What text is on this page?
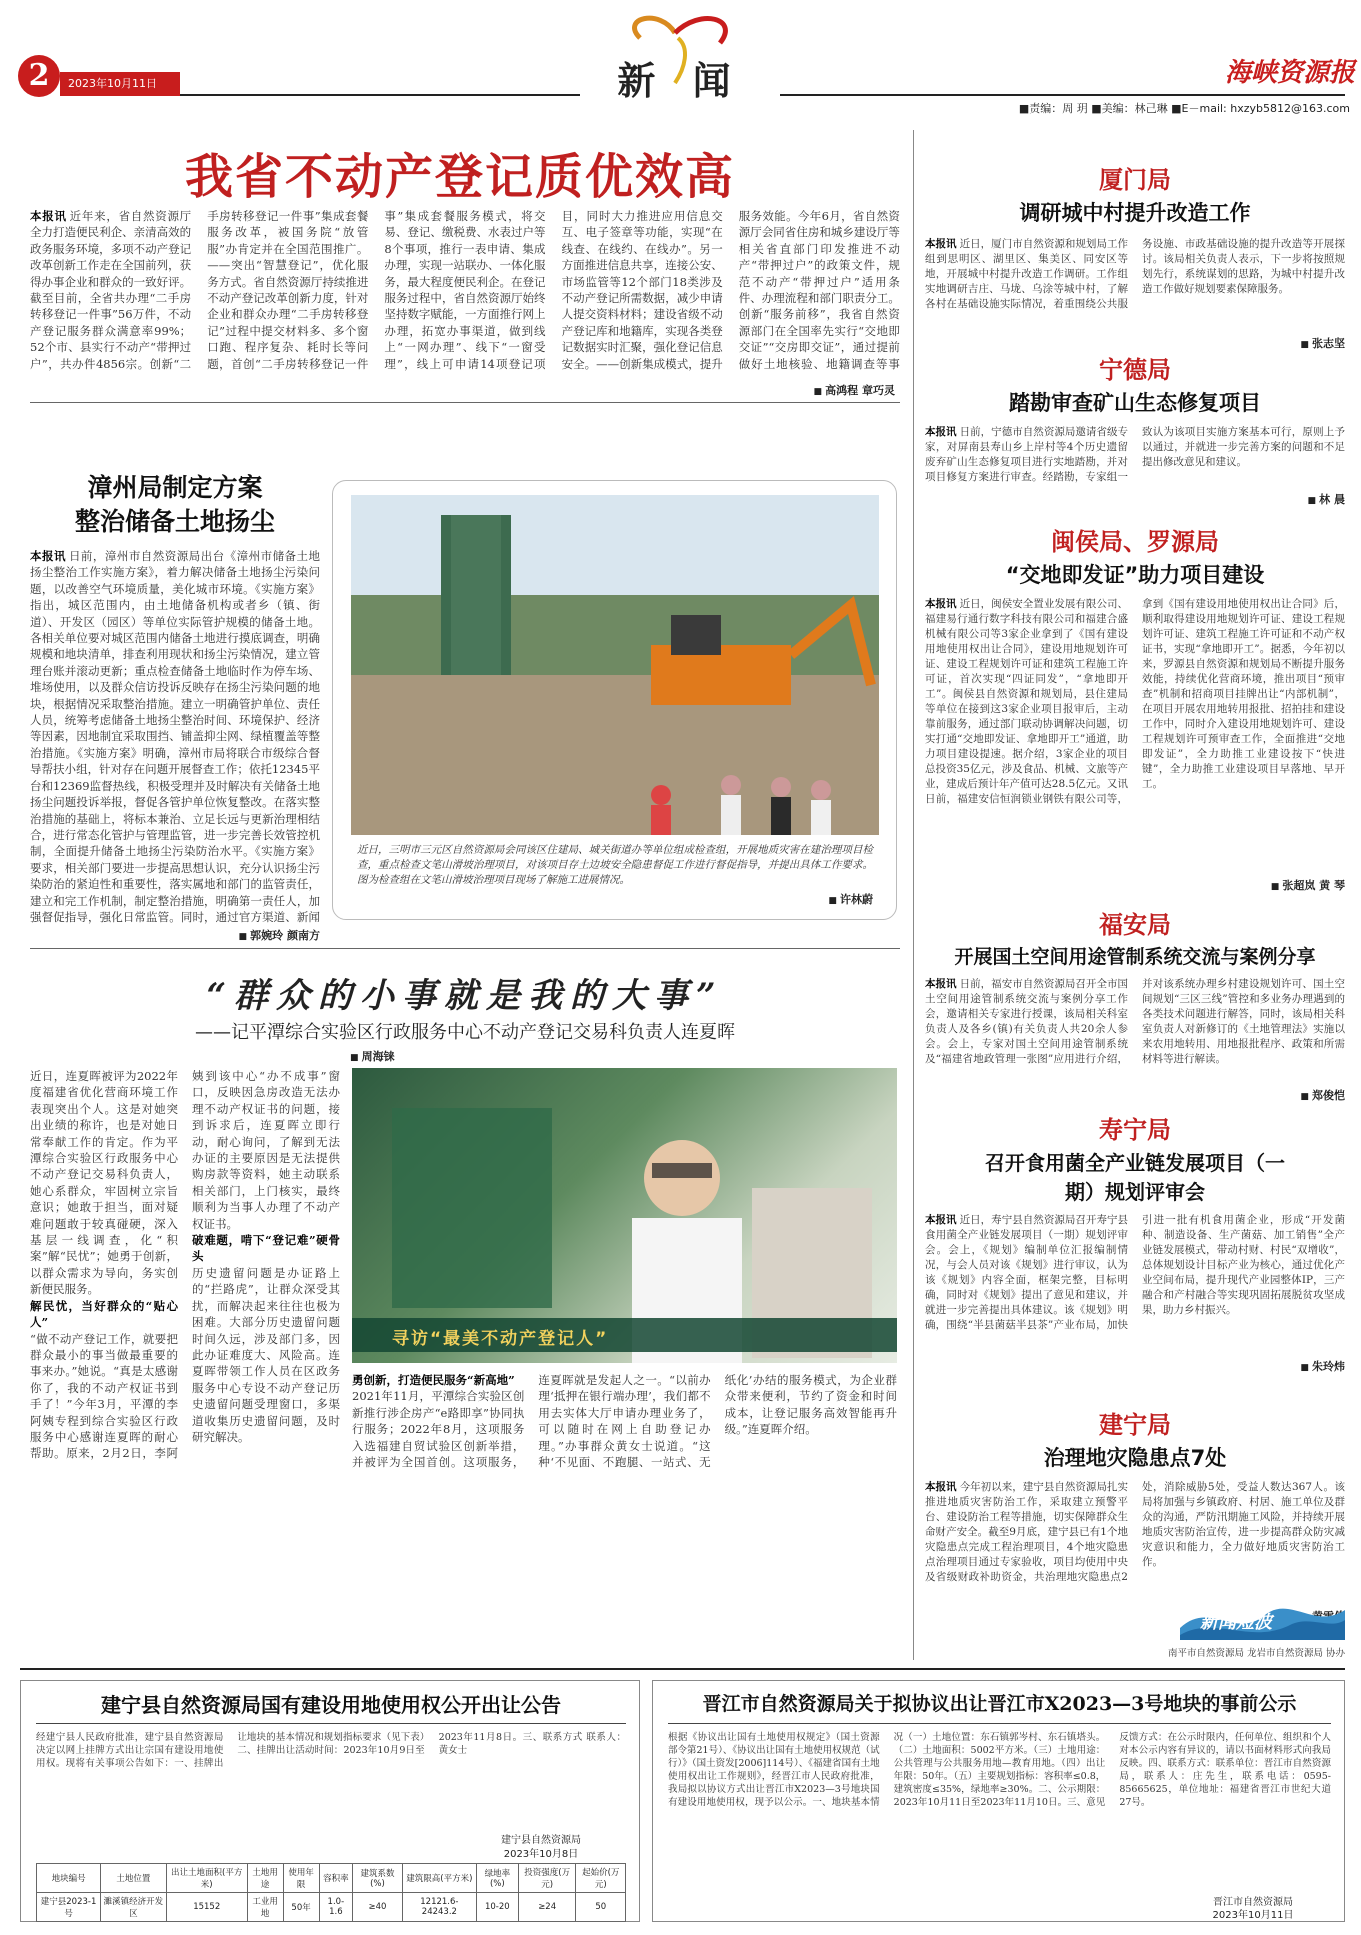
2	2023年10月11日	新 闻	海峡资源报
■责编：周 玥 ■美编：林己琳 ■E－mail: hxzyb5812@163.com
我省不动产登记质优效高
本报讯 近年来，省自然资源厅全力打造便民利企、亲清高效的政务服务环境，多项不动产登记改革创新工作走在全国前列，获得办事企业和群众的一致好评。截至目前，全省共办理“二手房转移登记一件事”56万件，不动产登记服务群众满意率99%；52个市、县实行不动产“带押过户”，共办件4856宗。创新“二手房转移登记一件事”集成套餐服务改革，被国务院“放管服”办肯定并在全国范围推广。——突出“智慧登记”，优化服务方式。省自然资源厅持续推进不动产登记改革创新力度，针对企业和群众办理“二手房转移登记”过程中提交材料多、多个窗口跑、程序复杂、耗时长等问题，首创“二手房转移登记一件事”集成套餐服务模式，将交易、登记、缴税费、水表过户等8个事项，推行一表申请、集成办理，实现一站联办、一体化服务，最大程度便民利企。在登记服务过程中，省自然资源厅始终坚持数字赋能，一方面推行网上办理，拓宽办事渠道，做到线上“一网办理”、线下“一窗受理”，线上可申请14项登记项目，同时大力推进应用信息交互、电子签章等功能，实现“在线查、在线约、在线办”。另一方面推进信息共享，连接公安、市场监管等12个部门18类涉及不动产登记所需数据，减少申请人提交资料材料；建设省级不动产登记库和地籍库，实现各类登记数据实时汇聚，强化登记信息安全。——创新集成模式，提升服务效能。今年6月，省自然资源厅会同省住房和城乡建设厅等相关省直部门印发推进不动产“带押过户”的政策文件，规范不动产“带押过户”适用条件、办理流程和部门职责分工。创新“服务前移”，我省自然资源部门在全国率先实行“交地即交证”“交房即交证”，通过提前做好土地核验、地籍调查等事
■ 高鸿程 章巧灵
漳州局制定方案
整治储备土地扬尘
本报讯 日前，漳州市自然资源局出台《漳州市储备土地扬尘整治工作实施方案》，着力解决储备土地扬尘污染问题，以改善空气环境质量，美化城市环境。《实施方案》指出，城区范围内，由土地储备机构或者乡（镇、街道）、开发区（园区）等单位实际管护规模的储备土地。各相关单位要对城区范围内储备土地进行摸底调查，明确规模和地块清单，排查利用现状和扬尘污染情况，建立管理台账并滚动更新；重点检查储备土地临时作为停车场、堆场使用，以及群众信访投诉反映存在扬尘污染问题的地块，根据情况采取整治措施。建立一明确管护单位、责任人员，统筹考虑储备土地扬尘整治时间、环境保护、经济等因素，因地制宜采取围挡、铺盖抑尘网、绿植覆盖等整治措施。《实施方案》明确，漳州市局将联合市级综合督导帮扶小组，针对存在问题开展督查工作；依托12345平台和12369监督热线，积极受理并及时解决有关储备土地扬尘问题投诉举报，督促各管护单位恢复整改。在落实整治措施的基础上，将标本兼治、立足长远与更新治理相结合，进行常态化管护与管理监管，进一步完善长效管控机制，全面提升储备土地扬尘污染防治水平。《实施方案》要求，相关部门要进一步提高思想认识，充分认识扬尘污染防治的紧迫性和重要性，落实属地和部门的监管责任，建立和完工作机制，制定整治措施，明确第一责任人，加强督促指导，强化日常监管。同时，通过官方渠道、新闻
■ 郭婉玲 颜南方
近日，三明市三元区自然资源局会同该区住建局、城关街道办等单位组成检查组，开展地质灾害在建治理项目检查，重点检查文笔山滑坡治理项目，对该项目存土边坡安全隐患督促工作进行督促指导，并提出具体工作要求。 图为检查组在文笔山滑坡治理项目现场了解施工进展情况。
■ 许林蔚
“群众的小事就是我的大事”
——记平潭综合实验区行政服务中心不动产登记交易科负责人连夏晖
■ 周海铼

近日，连夏晖被评为2022年度福建省优化营商环境工作表现突出个人。这是对她突出业绩的称许，也是对她日常奉献工作的肯定。作为平潭综合实验区行政服务中心不动产登记交易科负责人，她心系群众，牢固树立宗旨意识；她敢于担当，面对疑难问题敢于较真碰硬，深入基层一线调查，化“积案”解“民忧”；她勇于创新，以群众需求为导向，务实创新便民服务。

解民忧，当好群众的“贴心人”

“做不动产登记工作，就要把群众最小的事当做最重要的事来办。”她说。“真是太感谢你了，我的不动产权证书到手了！”今年3月，平潭的李阿姨专程到综合实验区行政服务中心感谢连夏晖的耐心帮助。原来，2月2日，李阿姨到该中心“办不成事”窗口，反映因急房改造无法办理不动产权证书的问题，接到诉求后，连夏晖立即行动，耐心询问，了解到无法办证的主要原因是无法提供购房款等资料，她主动联系相关部门，上门核实，最终顺利为当事人办理了不动产权证书。

破难题，啃下“登记难”硬骨头

历史遗留问题是办证路上的“拦路虎”，让群众深受其扰，而解决起来往往也极为困难。大部分历史遗留问题时间久远，涉及部门多，因此办证难度大、风险高。连夏晖带领工作人员在区政务服务中心专设不动产登记历史遗留问题受理窗口，多渠道收集历史遗留问题，及时研究解决。

寻访“最美不动产登记人”

勇创新，打造便民服务“新高地”

2021年11月，平潭综合实验区创新推行涉企房产“e路即享”协同执行服务；2022年8月，这项服务入选福建自贸试验区创新举措，并被评为全国首创。这项服务，连夏晖就是发起人之一。“以前办理‘抵押在银行端办理’，我们都不用去实体大厅申请办理业务了，可以随时在网上自助登记办理。”办事群众黄女士说道。“这种‘不见面、不跑腿、一站式、无纸化’办结的服务模式，为企业群众带来便利，节约了资金和时间成本，让登记服务高效智能再升级。”连夏晖介绍。

厦门局
调研城中村提升改造工作
本报讯 近日，厦门市自然资源和规划局工作组到思明区、湖里区、集美区、同安区等地，开展城中村提升改造工作调研。工作组实地调研吉庄、马垅、乌涂等城中村，了解各村在基础设施实际情况，着重围绕公共服务设施、市政基础设施的提升改造等开展探讨。该局相关负责人表示，下一步将按照规划先行，系统谋划的思路，为城中村提升改造工作做好规划要素保障服务。
■ 张志坚
宁德局
踏勘审查矿山生态修复项目
本报讯 日前，宁德市自然资源局邀请省级专家，对屏南县寿山乡上岸村等4个历史遗留废弃矿山生态修复项目进行实地踏勘，并对项目修复方案进行审查。经踏勘，专家组一致认为该项目实施方案基本可行，原则上予以通过，并就进一步完善方案的问题和不足提出修改意见和建议。
■ 林 晨
闽侯局、罗源局
“交地即发证”助力项目建设
本报讯 近日，闽侯安全置业发展有限公司、福建易行通行数字科技有限公司和福建合盛机械有限公司等3家企业拿到了《国有建设用地使用权出让合同》，建设用地规划许可证、建设工程规划许可证和建筑工程施工许可证，首次实现“四证同发”，“拿地即开工”。闽侯县自然资源和规划局，县住建局等单位在接到这3家企业项目报审后，主动靠前服务，通过部门联动协调解决问题，切实打通“交地即发证、拿地即开工”通道，助力项目建设提速。据介绍，3家企业的项目总投资35亿元，涉及食品、机械、文旅等产业，建成后预计年产值可达28.5亿元。又讯 日前，福建安信恒润锁业钢铁有限公司等，拿到《国有建设用地使用权出让合同》后，顺利取得建设用地规划许可证、建设工程规划许可证、建筑工程施工许可证和不动产权证书，实现“拿地即开工”。据悉，今年初以来，罗源县自然资源和规划局不断提升服务效能，持续优化营商环境，推出项目“预审查”机制和招商项目挂牌出让“内部机制”，在项目开展农用地转用报批、招拍挂和建设工作中，同时介入建设用地规划许可、建设工程规划许可预审查工作，全面推进“交地即发证”，全力助推工业建设按下“快进键”，全力助推工业建设项目早落地、早开工。
■ 张超岚 黄 琴
福安局
开展国土空间用途管制系统交流与案例分享
本报讯 日前，福安市自然资源局召开全市国土空间用途管制系统交流与案例分享工作会，邀请相关专家进行授课，该局相关科室负责人及各乡(镇)有关负责人共20余人参会。会上，专家对国土空间用途管制系统及“福建省地政管理一张图”应用进行介绍，并对该系统办理乡村建设规划许可、国土空间规划“三区三线”管控和多业务办理遇到的各类技术问题进行解答，同时，该局相关科室负责人对新修订的《土地管理法》实施以来农用地转用、用地报批程序、政策和所需材料等进行解读。
■ 郑俊恺
寿宁局
召开食用菌全产业链发展项目（一期）规划评审会
本报讯 近日，寿宁县自然资源局召开寿宁县食用菌全产业链发展项目（一期）规划评审会。会上，《规划》编制单位汇报编制情况，与会人员对该《规划》进行审议，认为该《规划》内容全面，框架完整，目标明确，同时对《规划》提出了意见和建议，并就进一步完善提出具体建议。该《规划》明确，围绕“半县菌菇半县茶”产业布局，加快引进一批有机食用菌企业，形成“开发菌种、制造设备、生产菌菇、加工销售”全产业链发展模式，带动村财、村民“双增收”，总体规划设计目标产业为核心，通过优化产业空间布局，提升现代产业园整体IP，三产融合和产村融合等实现巩固拓展脱贫攻坚成果，助力乡村振兴。
■ 朱玲炜
建宁局
治理地灾隐患点7处
本报讯 今年初以来，建宁县自然资源局扎实推进地质灾害防治工作，采取建立预警平台、建设防治工程等措施，切实保障群众生命财产安全。截至9月底，建宁县已有1个地灾隐患点完成工程治理项目，4个地灾隐患点治理项目通过专家验收，项目均使用中央及省级财政补助资金，共治理地灾隐患点2处，消除威胁5处，受益人数达367人。该局将加强与乡镇政府、村居、施工单位及群众的沟通，严防汛期施工风险，并持续开展地质灾害防治宣传，进一步提高群众防灾减灾意识和能力，全力做好地质灾害防治工作。
■
新闻短波
南平市自然资源局 龙岩市自然资源局 协办
建宁县自然资源局国有建设用地使用权公开出让公告
经建宁县人民政府批准，建宁县自然资源局决定以网上挂牌方式出让宗国有建设用地使用权。现将有关事项公告如下：一、挂牌出让地块的基本情况和规划指标要求（见下表）二、挂牌出让活动时间：2023年10月9日至2023年11月8日。三、联系方式 联系人：黄女士
建宁县自然资源局
2023年10月8日
地块编号	土地位置	出让土地面积(平方米)	土地用途	使用年限	容积率	建筑系数(%)	建筑限高(平方米)	绿地率(%)	投资强度(万元)	起始价(万元)
建宁县2023-1号	濉溪镇经济开发区	15152	工业用地	50年	1.0-1.6	≥40	12121.6-24243.2	10-20	≥24	50
晋江市自然资源局关于拟协议出让晋江市X2023—3号地块的事前公示
根据《协议出让国有土地使用权规定》（国土资源部令第21号）、《协议出让国有土地使用权规范（试行）》（国土资发[2006]114号）、《福建省国有土地使用权出让工作规则》，经晋江市人民政府批准，我局拟以协议方式出让晋江市X2023—3号地块国有建设用地使用权，现予以公示。一、地块基本情况（一）土地位置：东石镇郭岑村、东石镇塔头。（二）土地面积：5002平方米。（三）土地用途：公共管理与公共服务用地—教育用地。（四）出让年限：50年。（五）主要规划指标：容积率≤0.8，建筑密度≤35%，绿地率≥30%。二、公示期限：2023年10月11日至2023年11月10日。三、意见反馈方式：在公示时限内，任何单位、组织和个人对本公示内容有异议的，请以书面材料形式向我局反映。四、联系方式：联系单位：晋江市自然资源局，联系人：庄先生，联系电话：0595-85665625，单位地址：福建省晋江市世纪大道27号。
晋江市自然资源局
2023年10月11日
